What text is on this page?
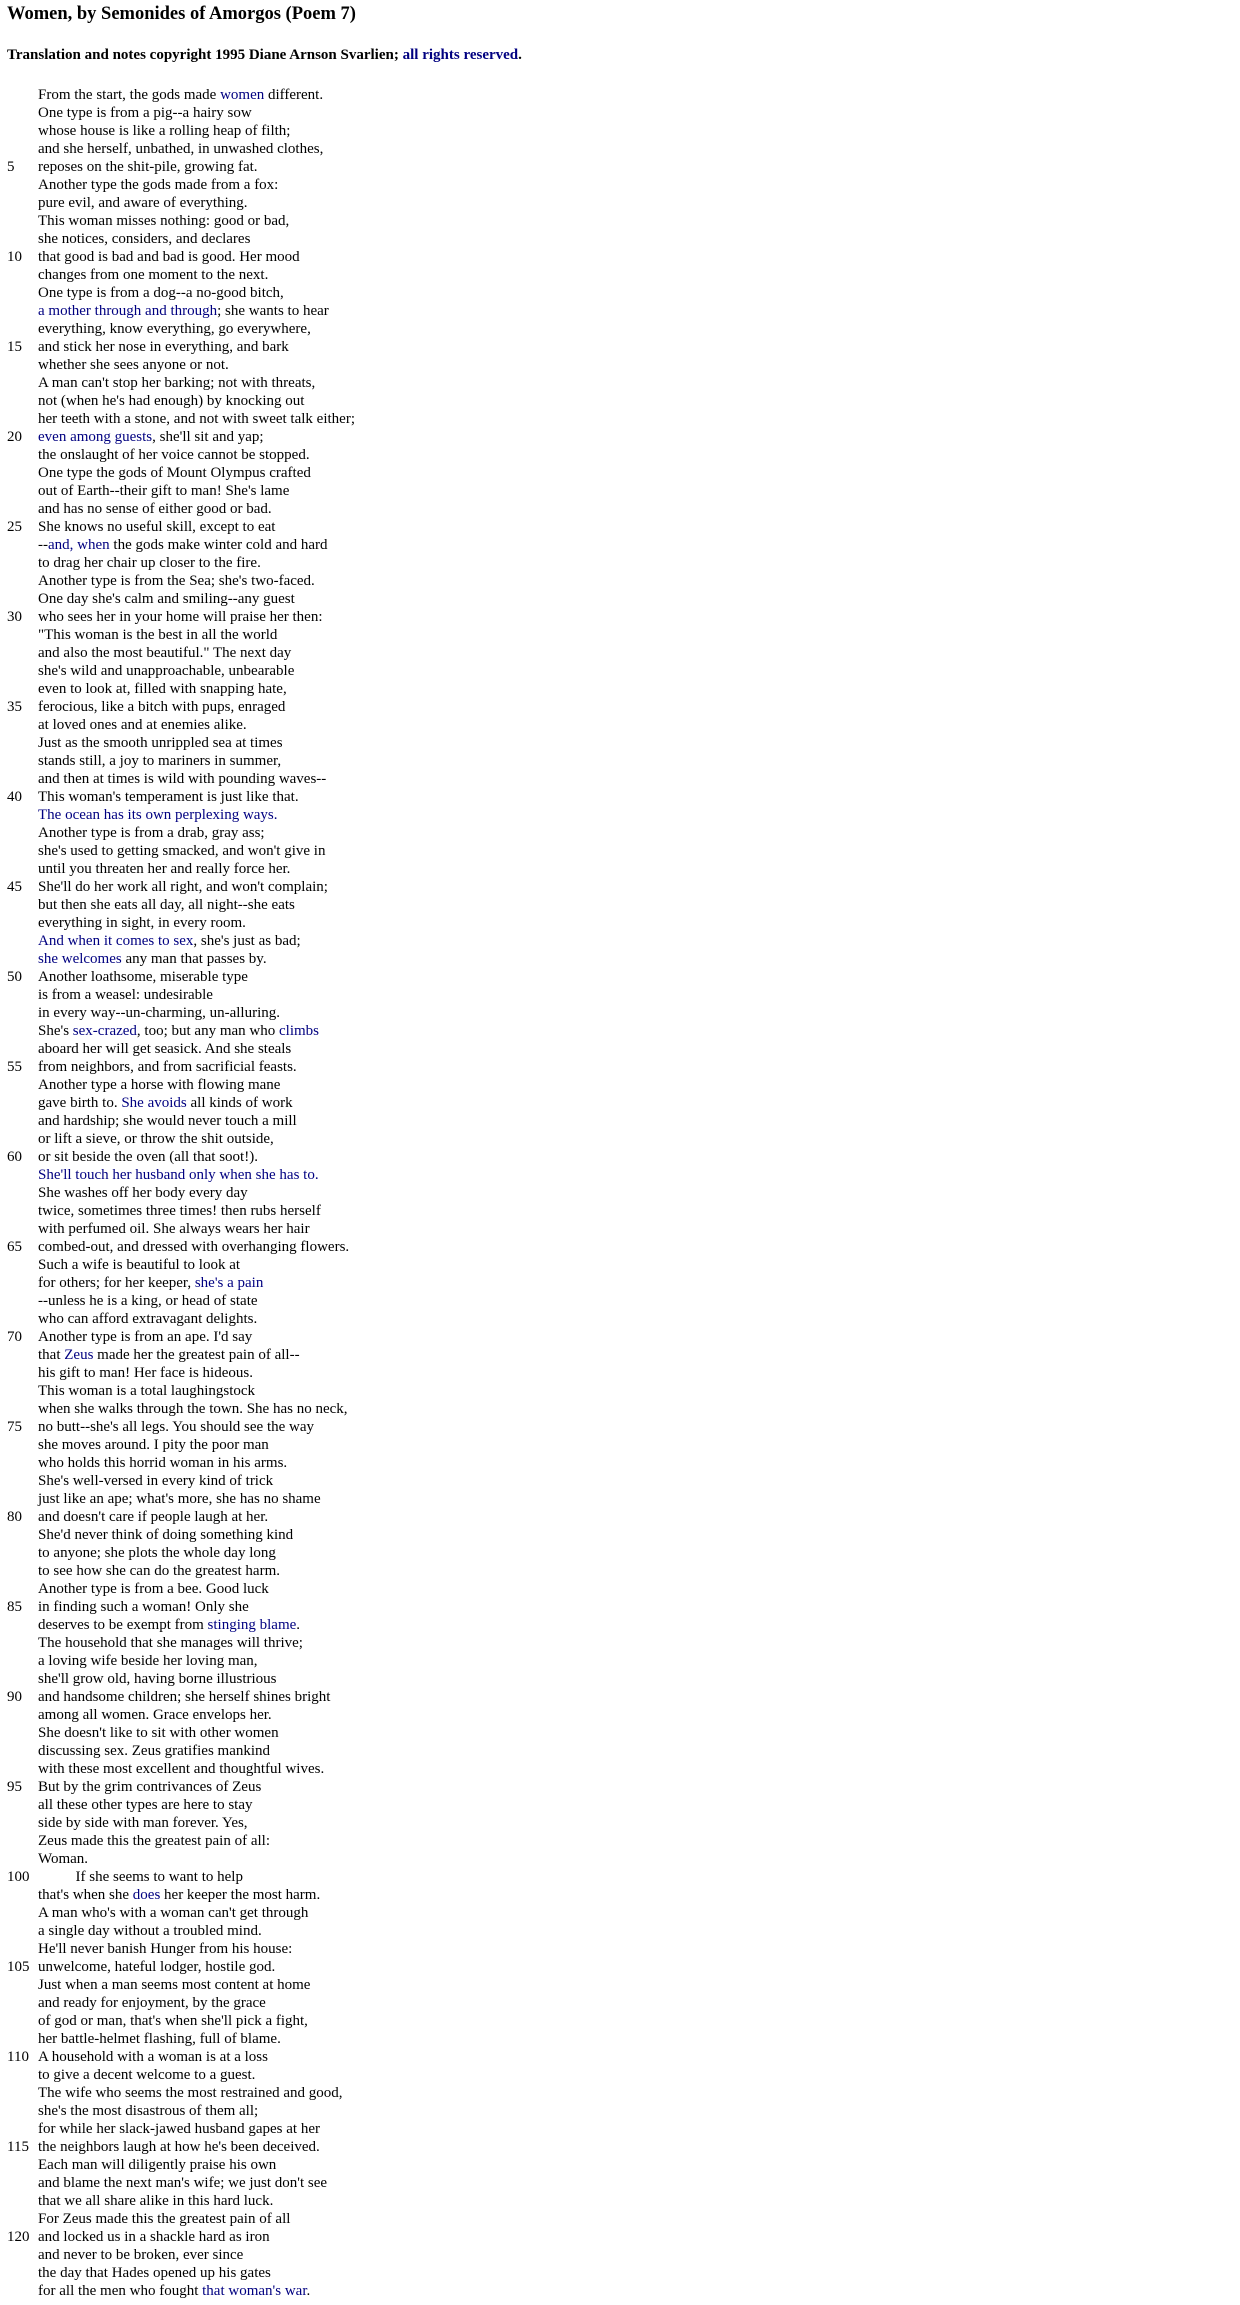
Women, by Semonides of Amorgos (Poem 7)
Translation and notes copyright 1995 Diane Arnson Svarlien; all rights reserved.
From the start, the gods made women different.
One type is from a pig--a hairy sow
whose house is like a rolling heap of filth;
and she herself, unbathed, in unwashed clothes,
5	reposes on the shit-pile, growing fat.
Another type the gods made from a fox:
pure evil, and aware of everything.
This woman misses nothing: good or bad,
she notices, considers, and declares
10	that good is bad and bad is good. Her mood
changes from one moment to the next.
One type is from a dog--a no-good bitch,
a mother through and through; she wants to hear
everything, know everything, go everywhere,
15	and stick her nose in everything, and bark
whether she sees anyone or not.
A man can't stop her barking; not with threats,
not (when he's had enough) by knocking out
her teeth with a stone, and not with sweet talk either;
20	even among guests, she'll sit and yap;
the onslaught of her voice cannot be stopped.
One type the gods of Mount Olympus crafted
out of Earth--their gift to man! She's lame
and has no sense of either good or bad.
25	She knows no useful skill, except to eat
--and, when the gods make winter cold and hard
to drag her chair up closer to the fire.
Another type is from the Sea; she's two-faced.
One day she's calm and smiling--any guest
30	who sees her in your home will praise her then:
"This woman is the best in all the world
and also the most beautiful." The next day
she's wild and unapproachable, unbearable
even to look at, filled with snapping hate,
35	ferocious, like a bitch with pups, enraged
at loved ones and at enemies alike.
Just as the smooth unrippled sea at times
stands still, a joy to mariners in summer,
and then at times is wild with pounding waves--
40	This woman's temperament is just like that.
The ocean has its own perplexing ways.
Another type is from a drab, gray ass;
she's used to getting smacked, and won't give in
until you threaten her and really force her.
45	She'll do her work all right, and won't complain;
but then she eats all day, all night--she eats
everything in sight, in every room.
And when it comes to sex, she's just as bad;
she welcomes any man that passes by.
50	Another loathsome, miserable type
is from a weasel: undesirable
in every way--un-charming, un-alluring.
She's sex-crazed, too; but any man who climbs
aboard her will get seasick. And she steals
55	from neighbors, and from sacrificial feasts.
Another type a horse with flowing mane
gave birth to. She avoids all kinds of work
and hardship; she would never touch a mill
or lift a sieve, or throw the shit outside,
60	or sit beside the oven (all that soot!).
She'll touch her husband only when she has to.
She washes off her body every day
twice, sometimes three times! then rubs herself
with perfumed oil. She always wears her hair
65	combed-out, and dressed with overhanging flowers.
Such a wife is beautiful to look at
for others; for her keeper, she's a pain
--unless he is a king, or head of state
who can afford extravagant delights.
70	Another type is from an ape. I'd say
that Zeus made her the greatest pain of all--
his gift to man! Her face is hideous.
This woman is a total laughingstock
when she walks through the town. She has no neck,
75	no butt--she's all legs. You should see the way
she moves around. I pity the poor man
who holds this horrid woman in his arms.
She's well-versed in every kind of trick
just like an ape; what's more, she has no shame
80	and doesn't care if people laugh at her.
She'd never think of doing something kind
to anyone; she plots the whole day long
to see how she can do the greatest harm.
Another type is from a bee. Good luck
85	in finding such a woman! Only she
deserves to be exempt from stinging blame.
The household that she manages will thrive;
a loving wife beside her loving man,
she'll grow old, having borne illustrious
90	and handsome children; she herself shines bright
among all women. Grace envelops her.
She doesn't like to sit with other women
discussing sex. Zeus gratifies mankind
with these most excellent and thoughtful wives.
95	But by the grim contrivances of Zeus
all these other types are here to stay
side by side with man forever. Yes,
Zeus made this the greatest pain of all:
Woman.
100 If she seems to want to help
that's when she does her keeper the most harm.
A man who's with a woman can't get through
a single day without a troubled mind.
He'll never banish Hunger from his house:
105 unwelcome, hateful lodger, hostile god.
Just when a man seems most content at home
and ready for enjoyment, by the grace
of god or man, that's when she'll pick a fight,
her battle-helmet flashing, full of blame.
110 A household with a woman is at a loss
to give a decent welcome to a guest.
The wife who seems the most restrained and good,
she's the most disastrous of them all;
for while her slack-jawed husband gapes at her
115 the neighbors laugh at how he's been deceived.
Each man will diligently praise his own
and blame the next man's wife; we just don't see
that we all share alike in this hard luck.
For Zeus made this the greatest pain of all
120 and locked us in a shackle hard as iron
and never to be broken, ever since
the day that Hades opened up his gates
for all the men who fought that woman's war.
